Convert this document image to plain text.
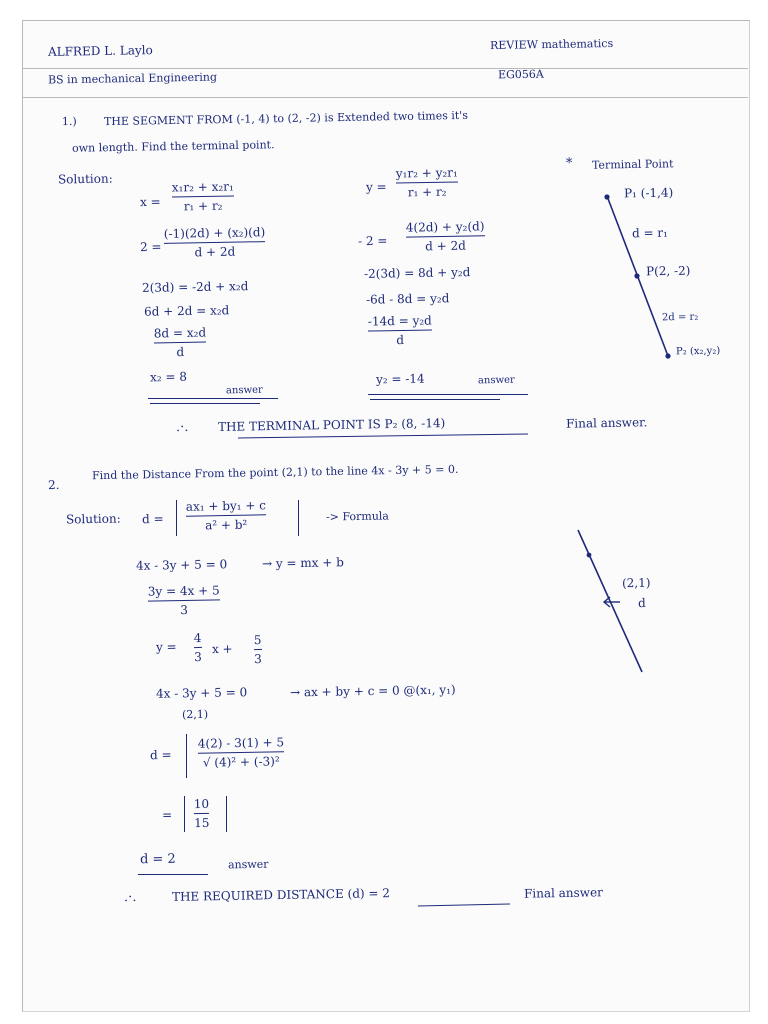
ALFRED L. Laylo
BS in mechanical Engineering
REVIEW mathematics
EG056A
1.) THE SEGMENT FROM (-1, 4) to (2, -2) is Extended two times it's
own length. Find the terminal point.
Solution:
x =
x₁r₂ + x₂r₁
r₁ + r₂
2 =
(-1)(2d) + (x₂)(d)
d + 2d
2(3d) = -2d + x₂d
6d + 2d = x₂d
8d = x₂d
d
x₂ = 8
answer
y =
y₁r₂ + y₂r₁
r₁ + r₂
- 2 =
4(2d) + y₂(d)
d + 2d
-2(3d) = 8d + y₂d
-6d - 8d = y₂d
-14d = y₂d
d
y₂ = -14	answer
* Terminal Point
P₁ (-1,4)
d = r₁
P(2, -2)
2d = r₂
P₂ (x₂,y₂)
.·. THE TERMINAL POINT IS P₂ (8, -14)	Final answer.
2.
Find the Distance From the point (2,1) to the line 4x - 3y + 5 = 0.
Solution: d =
ax₁ + by₁ + c
a² + b²
-> Formula
4x - 3y + 5 = 0	→ y = mx + b
3y = 4x + 5
3
y =
4
3
x +
5
3
4x - 3y + 5 = 0	→ ax + by + c = 0 @(x₁, y₁)
(2,1)
d =
4(2) - 3(1) + 5
√ (4)² + (-3)²
=
10
15
d = 2	answer
.·.	THE REQUIRED DISTANCE (d) = 2	Final answer
(2,1)
d
